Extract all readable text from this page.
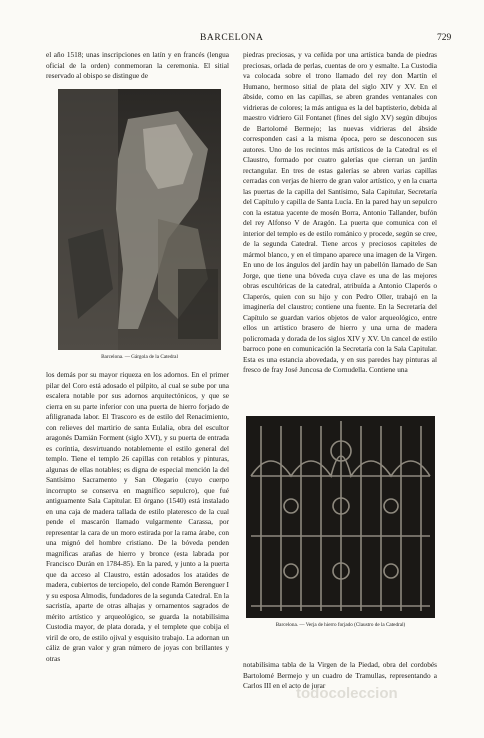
BARCELONA	729

el año 1518; unas inscripciones en latín y en francés (lengua oficial de la orden) conmemoran la ceremonia. El sitial reservado al obispo se distingue de

Barcelona. — Gárgola de la Catedral

los demás por su mayor riqueza en los adornos. En el primer pilar del Coro está adosado el púlpito, al cual se sube por una escalera notable por sus adornos arquitectónicos, y que se cierra en su parte inferior con una puerta de hierro forjado de afiligranada labor. El Trascoro es de estilo del Renacimiento, con relieves del martirio de santa Eulalia, obra del escultor aragonés Damián Forment (siglo XVI), y su puerta de entrada es coríntia, desvirtuando notablemente el estilo general del templo. Tiene el templo 26 capillas con retablos y pinturas, algunas de ellas notables; es digna de especial mención la del Santísimo Sacramento y San Olegario (cuyo cuerpo incorrupto se conserva en magnífico sepulcro), que fué antiguamente Sala Capitular. El órgano (1540) está instalado en una caja de madera tallada de estilo plateresco de la cual pende el mascarón llamado vulgarmente Carassa, por representar la cara de un moro estirada por la rama árabe, con una mignó del hombre cristiano. De la bóveda penden magníficas arañas de hierro y bronce (esta labrada por Francisco Durán en 1784-85). En la pared, y junto a la puerta que da acceso al Claustro, están adosados los ataúdes de madera, cubiertos de terciopelo, del conde Ramón Berenguer I y su esposa Almodis, fundadores de la segunda Catedral. En la sacristía, aparte de otras alhajas y ornamentos sagrados de mérito artístico y arqueológico, se guarda la notabilísima Custodia mayor, de plata dorada, y el templete que cobija el viril de oro, de estilo ojival y esquisito trabajo. La adornan un cáliz de gran valor y gran número de joyas con brillantes y otras

piedras preciosas, y va ceñida por una artística banda de piedras preciosas, orlada de perlas, cuentas de oro y esmalte. La Custodia va colocada sobre el trono llamado del rey don Martín el Humano, hermoso sitial de plata del siglo XIV y XV. En el ábside, como en las capillas, se abren grandes ventanales con vidrieras de colores; la más antigua es la del baptisterio, debida al maestro vidriero Gil Fontanet (fines del siglo XV) según dibujos de Bartolomé Bermejo; las nuevas vidrieras del ábside corresponden casi a la misma época, pero se desconocen sus autores. Uno de los recintos más artísticos de la Catedral es el Claustro, formado por cuatro galerías que cierran un jardín rectangular. En tres de estas galerías se abren varias capillas cerradas con verjas de hierro de gran valor artístico, y en la cuarta las puertas de la capilla del Santísimo, Sala Capitular, Secretaría del Capítulo y capilla de Santa Lucía. En la pared hay un sepulcro con la estatua yacente de mosén Borra, Antonio Tallander, bufón del rey Alfonso V de Aragón. La puerta que comunica con el interior del templo es de estilo románico y procede, según se cree, de la segunda Catedral. Tiene arcos y preciosos capiteles de mármol blanco, y en el tímpano aparece una imagen de la Virgen. En uno de los ángulos del jardín hay un pabellón llamado de San Jorge, que tiene una bóveda cuya clave es una de las mejores obras escultóricas de la catedral, atribuída a Antonio Claperós o Claperós, quien con su hijo y con Pedro Oller, trabajó en la imaginería del claustro; contiene una fuente. En la Secretaría del Capítulo se guardan varios objetos de valor arqueológico, entre ellos un artístico brasero de hierro y una urna de madera policromada y dorada de los siglos XIV y XV. Un cancel de estilo barroco pone en comunicación la Secretaría con la Sala Capitular. Esta es una estancia abovedada, y en sus paredes hay pinturas al fresco de fray José Juncosa de Cornudella. Contiene una

Barcelona. — Verja de hierro forjado (Claustro de la Catedral)

notabilísima tabla de la Virgen de la Piedad, obra del cordobés Bartolomé Bermejo y un cuadro de Tramullas, representando a Carlos III en el acto de jurar

todocoleccion
